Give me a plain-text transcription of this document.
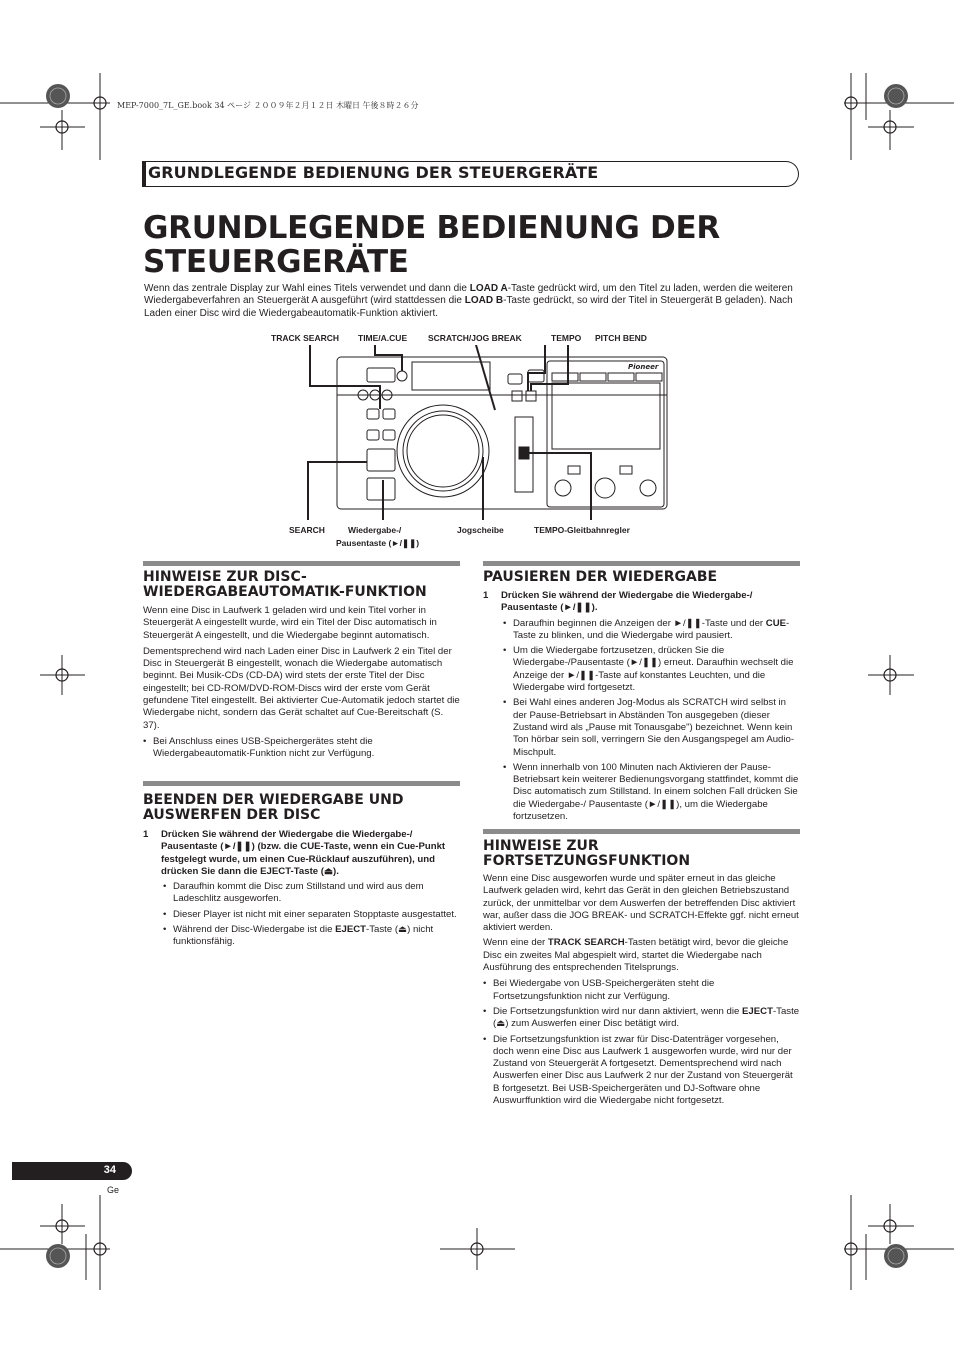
MEP-7000_7L_GE.book 34 ページ ２００９年２月１２日 木曜日 午後８時２６分
GRUNDLEGENDE BEDIENUNG DER STEUERGERÄTE
GRUNDLEGENDE BEDIENUNG DER
STEUERGERÄTE
Wenn das zentrale Display zur Wahl eines Titels verwendet und dann die LOAD A-Taste gedrückt wird, um den Titel zu laden, werden die weiteren Wiedergabeverfahren an Steuergerät A ausgeführt (wird stattdessen die LOAD B-Taste gedrückt, so wird der Titel in Steuergerät B geladen). Nach Laden einer Disc wird die Wiedergabeautomatik-Funktion aktiviert.
TRACK SEARCH TIME/A.CUE SCRATCH/JOG BREAK	TEMPO PITCH BEND
SEARCH	Wiedergabe-/
Pausentaste (►/❚❚)
Jogscheibe	TEMPO-Gleitbahnregler
Pioneer
HINWEISE ZUR DISC-
WIEDERGABEAUTOMATIK-FUNKTION
Wenn eine Disc in Laufwerk 1 geladen wird und kein Titel vorher in Steuergerät A eingestellt wurde, wird ein Titel der Disc automatisch in Steuergerät A eingestellt, und die Wiedergabe beginnt automatisch.
Dementsprechend wird nach Laden einer Disc in Laufwerk 2 ein Titel der Disc in Steuergerät B eingestellt, wonach die Wiedergabe automatisch beginnt. Bei Musik-CDs (CD-DA) wird stets der erste Titel der Disc eingestellt; bei CD-ROM/DVD-ROM-Discs wird der erste vom Gerät gefundene Titel eingestellt. Bei aktivierter Cue-Automatik jedoch startet die Wiedergabe nicht, sondern das Gerät schaltet auf Cue-Bereitschaft (S. 37).
• Bei Anschluss eines USB-Speichergerätes steht die Wiedergabeautomatik-Funktion nicht zur Verfügung.
BEENDEN DER WIEDERGABE UND
AUSWERFEN DER DISC
1 Drücken Sie während der Wiedergabe die Wiedergabe-/ Pausentaste (►/❚❚) (bzw. die CUE-Taste, wenn ein Cue-Punkt festgelegt wurde, um einen Cue-Rücklauf auszuführen), und drücken Sie dann die EJECT-Taste (⏏).
• Daraufhin kommt die Disc zum Stillstand und wird aus dem Ladeschlitz ausgeworfen.
• Dieser Player ist nicht mit einer separaten Stopptaste ausgestattet.
• Während der Disc-Wiedergabe ist die EJECT-Taste (⏏) nicht funktionsfähig.
PAUSIEREN DER WIEDERGABE
1 Drücken Sie während der Wiedergabe die Wiedergabe-/ Pausentaste (►/❚❚).
• Daraufhin beginnen die Anzeigen der ►/❚❚-Taste und der CUE-Taste zu blinken, und die Wiedergabe wird pausiert.
• Um die Wiedergabe fortzusetzen, drücken Sie die Wiedergabe-/Pausentaste (►/❚❚) erneut. Daraufhin wechselt die Anzeige der ►/❚❚-Taste auf konstantes Leuchten, und die Wiedergabe wird fortgesetzt.
• Bei Wahl eines anderen Jog-Modus als SCRATCH wird selbst in der Pause-Betriebsart in Abständen Ton ausgegeben (dieser Zustand wird als „Pause mit Tonausgabe") bezeichnet. Wenn kein Ton hörbar sein soll, verringern Sie den Ausgangspegel am Audio-Mischpult.
• Wenn innerhalb von 100 Minuten nach Aktivieren der Pause-Betriebsart kein weiterer Bedienungsvorgang stattfindet, kommt die Disc automatisch zum Stillstand. In einem solchen Fall drücken Sie die Wiedergabe-/ Pausentaste (►/❚❚), um die Wiedergabe fortzusetzen.
HINWEISE ZUR FORTSETZUNGSFUNKTION
Wenn eine Disc ausgeworfen wurde und später erneut in das gleiche Laufwerk geladen wird, kehrt das Gerät in den gleichen Betriebszustand zurück, der unmittelbar vor dem Auswerfen der betreffenden Disc aktiviert war, außer dass die JOG BREAK- und SCRATCH-Effekte ggf. nicht erneut aktiviert werden.
Wenn eine der TRACK SEARCH-Tasten betätigt wird, bevor die gleiche Disc ein zweites Mal abgespielt wird, startet die Wiedergabe nach Ausführung des entsprechenden Titelsprungs.
• Bei Wiedergabe von USB-Speichergeräten steht die Fortsetzungsfunktion nicht zur Verfügung.
• Die Fortsetzungsfunktion wird nur dann aktiviert, wenn die EJECT-Taste (⏏) zum Auswerfen einer Disc betätigt wird.
• Die Fortsetzungsfunktion ist zwar für Disc-Datenträger vorgesehen, doch wenn eine Disc aus Laufwerk 1 ausgeworfen wurde, wird nur der Zustand von Steuergerät A fortgesetzt. Dementsprechend wird nach Auswerfen einer Disc aus Laufwerk 2 nur der Zustand von Steuergerät B fortgesetzt. Bei USB-Speichergeräten und DJ-Software ohne Auswurffunktion wird die Wiedergabe nicht fortgesetzt.
34
Ge
